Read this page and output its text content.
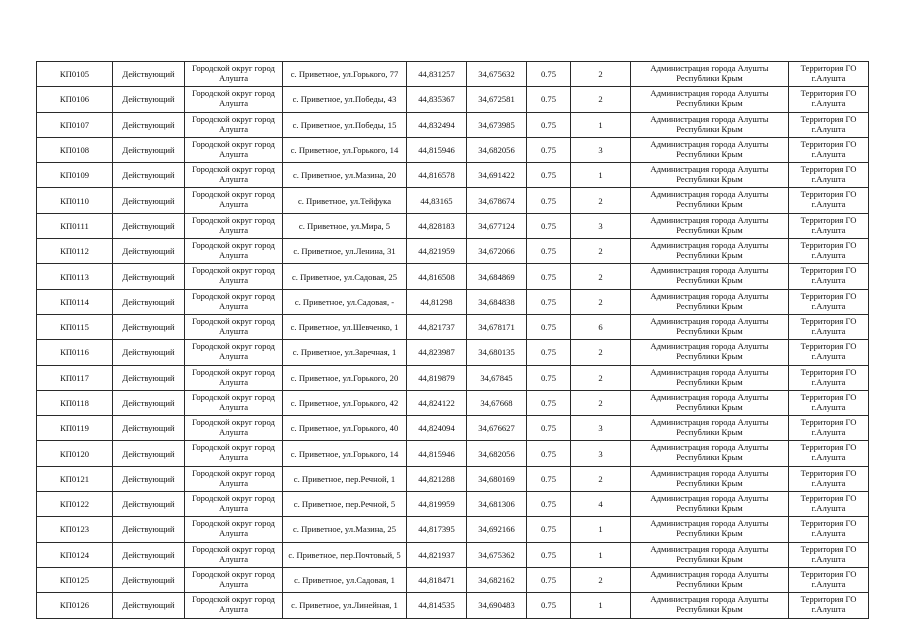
КП0105	Действующий	Городской округ город Алушта	с. Приветное, ул.Горького, 77	44,831257	34,675632	0.75	2	Администрация города Алушты Республики Крым	Территория ГО г.Алушта
КП0106	Действующий	Городской округ город Алушта	с. Приветное, ул.Победы, 43	44,835367	34,672581	0.75	2	Администрация города Алушты Республики Крым	Территория ГО г.Алушта
КП0107	Действующий	Городской округ город Алушта	с. Приветное, ул.Победы, 15	44,832494	34,673985	0.75	1	Администрация города Алушты Республики Крым	Территория ГО г.Алушта
КП0108	Действующий	Городской округ город Алушта	с. Приветное, ул.Горького, 14	44,815946	34,682056	0.75	3	Администрация города Алушты Республики Крым	Территория ГО г.Алушта
КП0109	Действующий	Городской округ город Алушта	с. Приветное, ул.Мазина, 20	44,816578	34,691422	0.75	1	Администрация города Алушты Республики Крым	Территория ГО г.Алушта
КП0110	Действующий	Городской округ город Алушта	с. Приветное, ул.Тейфука	44,83165	34,678674	0.75	2	Администрация города Алушты Республики Крым	Территория ГО г.Алушта
КП0111	Действующий	Городской округ город Алушта	с. Приветное, ул.Мира, 5	44,828183	34,677124	0.75	3	Администрация города Алушты Республики Крым	Территория ГО г.Алушта
КП0112	Действующий	Городской округ город Алушта	с. Приветное, ул.Ленина, 31	44,821959	34,672066	0.75	2	Администрация города Алушты Республики Крым	Территория ГО г.Алушта
КП0113	Действующий	Городской округ город Алушта	с. Приветное, ул.Садовая, 25	44,816508	34,684869	0.75	2	Администрация города Алушты Республики Крым	Территория ГО г.Алушта
КП0114	Действующий	Городской округ город Алушта	с. Приветное, ул.Садовая, -	44,81298	34,684838	0.75	2	Администрация города Алушты Республики Крым	Территория ГО г.Алушта
КП0115	Действующий	Городской округ город Алушта	с. Приветное, ул.Шевченко, 1	44,821737	34,678171	0.75	6	Администрация города Алушты Республики Крым	Территория ГО г.Алушта
КП0116	Действующий	Городской округ город Алушта	с. Приветное, ул.Заречная, 1	44,823987	34,680135	0.75	2	Администрация города Алушты Республики Крым	Территория ГО г.Алушта
КП0117	Действующий	Городской округ город Алушта	с. Приветное, ул.Горького, 20	44,819879	34,67845	0.75	2	Администрация города Алушты Республики Крым	Территория ГО г.Алушта
КП0118	Действующий	Городской округ город Алушта	с. Приветное, ул.Горького, 42	44,824122	34,67668	0.75	2	Администрация города Алушты Республики Крым	Территория ГО г.Алушта
КП0119	Действующий	Городской округ город Алушта	с. Приветное, ул.Горького, 40	44,824094	34,676627	0.75	3	Администрация города Алушты Республики Крым	Территория ГО г.Алушта
КП0120	Действующий	Городской округ город Алушта	с. Приветное, ул.Горького, 14	44,815946	34,682056	0.75	3	Администрация города Алушты Республики Крым	Территория ГО г.Алушта
КП0121	Действующий	Городской округ город Алушта	с. Приветное, пер.Речной, 1	44,821288	34,680169	0.75	2	Администрация города Алушты Республики Крым	Территория ГО г.Алушта
КП0122	Действующий	Городской округ город Алушта	с. Приветное, пер.Речной, 5	44,819959	34,681306	0.75	4	Администрация города Алушты Республики Крым	Территория ГО г.Алушта
КП0123	Действующий	Городской округ город Алушта	с. Приветное, ул.Мазина, 25	44,817395	34,692166	0.75	1	Администрация города Алушты Республики Крым	Территория ГО г.Алушта
КП0124	Действующий	Городской округ город Алушта	с. Приветное, пер.Почтовый, 5	44,821937	34,675362	0.75	1	Администрация города Алушты Республики Крым	Территория ГО г.Алушта
КП0125	Действующий	Городской округ город Алушта	с. Приветное, ул.Садовая, 1	44,818471	34,682162	0.75	2	Администрация города Алушты Республики Крым	Территория ГО г.Алушта
КП0126	Действующий	Городской округ город Алушта	с. Приветное, ул.Линейная, 1	44,814535	34,690483	0.75	1	Администрация города Алушты Республики Крым	Территория ГО г.Алушта
